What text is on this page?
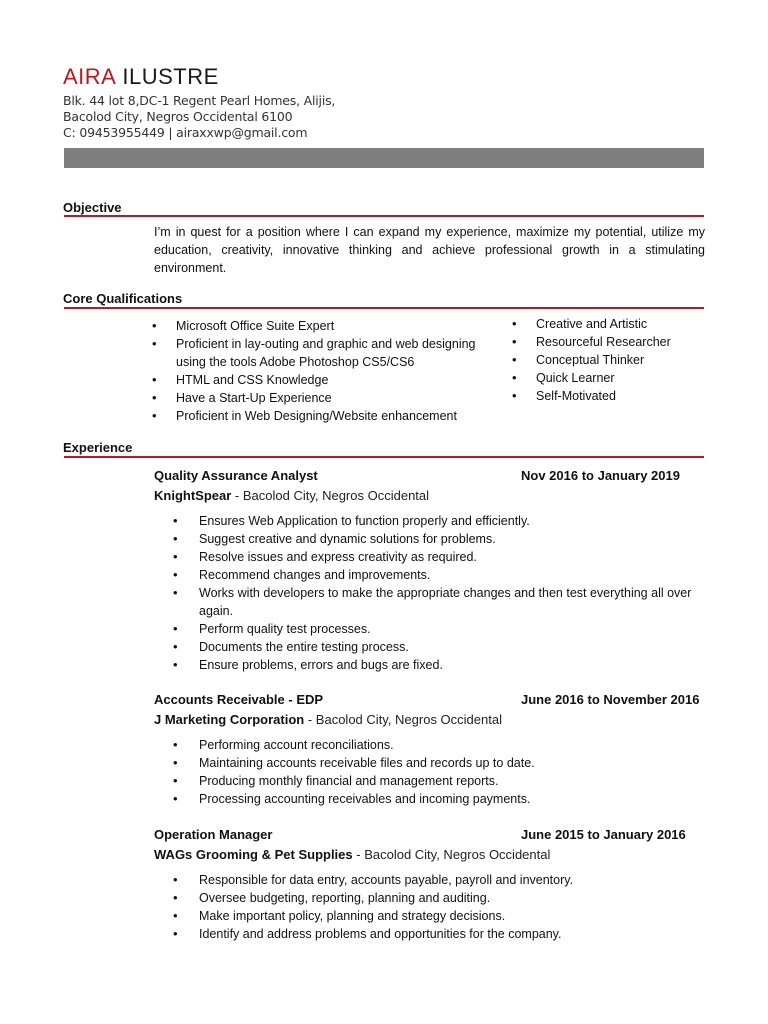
AIRA ILUSTRE
Blk. 44 lot 8,DC-1 Regent Pearl Homes, Alijis,
Bacolod City, Negros Occidental 6100
C: 09453955449 | airaxxwp@gmail.com
Objective
I’m in quest for a position where I can expand my experience, maximize my potential, utilize my education, creativity, innovative thinking and achieve professional growth in a stimulating environment.
Core Qualifications
• Microsoft Office Suite Expert
• Proficient in lay-outing and graphic and web designing using the tools Adobe Photoshop CS5/CS6
• HTML and CSS Knowledge
• Have a Start-Up Experience
• Proficient in Web Designing/Website enhancement
• Creative and Artistic
• Resourceful Researcher
• Conceptual Thinker
• Quick Learner
• Self-Motivated
Experience
Quality Assurance Analyst	Nov 2016 to January 2019
KnightSpear - Bacolod City, Negros Occidental
• Ensures Web Application to function properly and efficiently.
• Suggest creative and dynamic solutions for problems.
• Resolve issues and express creativity as required.
• Recommend changes and improvements.
• Works with developers to make the appropriate changes and then test everything all over again.
• Perform quality test processes.
• Documents the entire testing process.
• Ensure problems, errors and bugs are fixed.
Accounts Receivable - EDP	June 2016 to November 2016
J Marketing Corporation - Bacolod City, Negros Occidental
• Performing account reconciliations.
• Maintaining accounts receivable files and records up to date.
• Producing monthly financial and management reports.
• Processing accounting receivables and incoming payments.
Operation Manager	June 2015 to January 2016
WAGs Grooming & Pet Supplies - Bacolod City, Negros Occidental
• Responsible for data entry, accounts payable, payroll and inventory.
• Oversee budgeting, reporting, planning and auditing.
• Make important policy, planning and strategy decisions.
• Identify and address problems and opportunities for the company.
